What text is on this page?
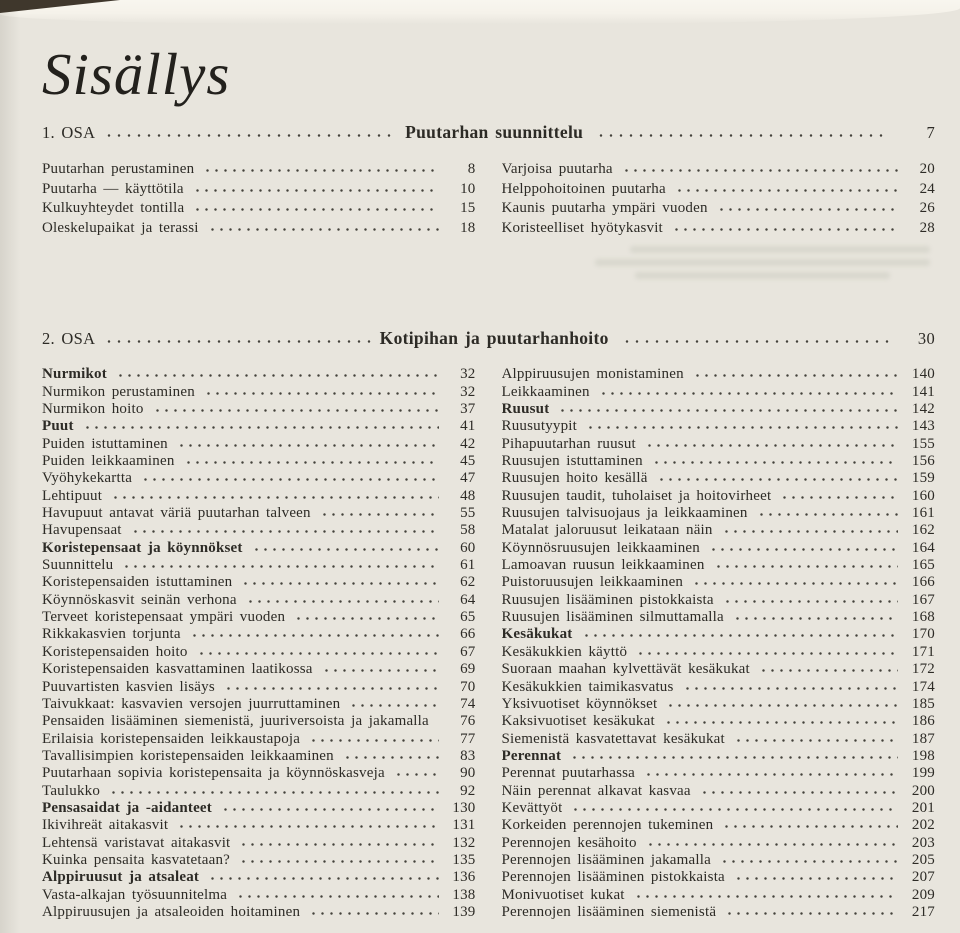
Sisällys
1. OSA	Puutarhan suunnittelu	7
Puutarhan perustaminen	8
Puutarha — käyttötila	10
Kulkuyhteydet tontilla	15
Oleskelupaikat ja terassi	18
Varjoisa puutarha	20
Helppohoitoinen puutarha	24
Kaunis puutarha ympäri vuoden	26
Koristeelliset hyötykasvit	28
2. OSA	Kotipihan ja puutarhanhoito	30
Nurmikot	32
Nurmikon perustaminen	32
Nurmikon hoito	37
Puut	41
Puiden istuttaminen	42
Puiden leikkaaminen	45
Vyöhykekartta	47
Lehtipuut	48
Havupuut antavat väriä puutarhan talveen	55
Havupensaat	58
Koristepensaat ja köynnökset	60
Suunnittelu	61
Koristepensaiden istuttaminen	62
Köynnöskasvit seinän verhona	64
Terveet koristepensaat ympäri vuoden	65
Rikkakasvien torjunta	66
Koristepensaiden hoito	67
Koristepensaiden kasvattaminen laatikossa	69
Puuvartisten kasvien lisäys	70
Taivukkaat: kasvavien versojen juurruttaminen	74
Pensaiden lisääminen siemenistä, juuriversoista ja jakamalla	76
Erilaisia koristepensaiden leikkaustapoja	77
Tavallisimpien koristepensaiden leikkaaminen	83
Puutarhaan sopivia koristepensaita ja köynnöskasveja	90
Taulukko	92
Pensasaidat ja -aidanteet	130
Ikivihreät aitakasvit	131
Lehtensä varistavat aitakasvit	132
Kuinka pensaita kasvatetaan?	135
Alppiruusut ja atsaleat	136
Vasta-alkajan työsuunnitelma	138
Alppiruusujen ja atsaleoiden hoitaminen	139
Alppiruusujen monistaminen	140
Leikkaaminen	141
Ruusut	142
Ruusutyypit	143
Pihapuutarhan ruusut	155
Ruusujen istuttaminen	156
Ruusujen hoito kesällä	159
Ruusujen taudit, tuholaiset ja hoitovirheet	160
Ruusujen talvisuojaus ja leikkaaminen	161
Matalat jaloruusut leikataan näin	162
Köynnösruusujen leikkaaminen	164
Lamoavan ruusun leikkaaminen	165
Puistoruusujen leikkaaminen	166
Ruusujen lisääminen pistokkaista	167
Ruusujen lisääminen silmuttamalla	168
Kesäkukat	170
Kesäkukkien käyttö	171
Suoraan maahan kylvettävät kesäkukat	172
Kesäkukkien taimikasvatus	174
Yksivuotiset köynnökset	185
Kaksivuotiset kesäkukat	186
Siemenistä kasvatettavat kesäkukat	187
Perennat	198
Perennat puutarhassa	199
Näin perennat alkavat kasvaa	200
Kevättyöt	201
Korkeiden perennojen tukeminen	202
Perennojen kesähoito	203
Perennojen lisääminen jakamalla	205
Perennojen lisääminen pistokkaista	207
Monivuotiset kukat	209
Perennojen lisääminen siemenistä	217
